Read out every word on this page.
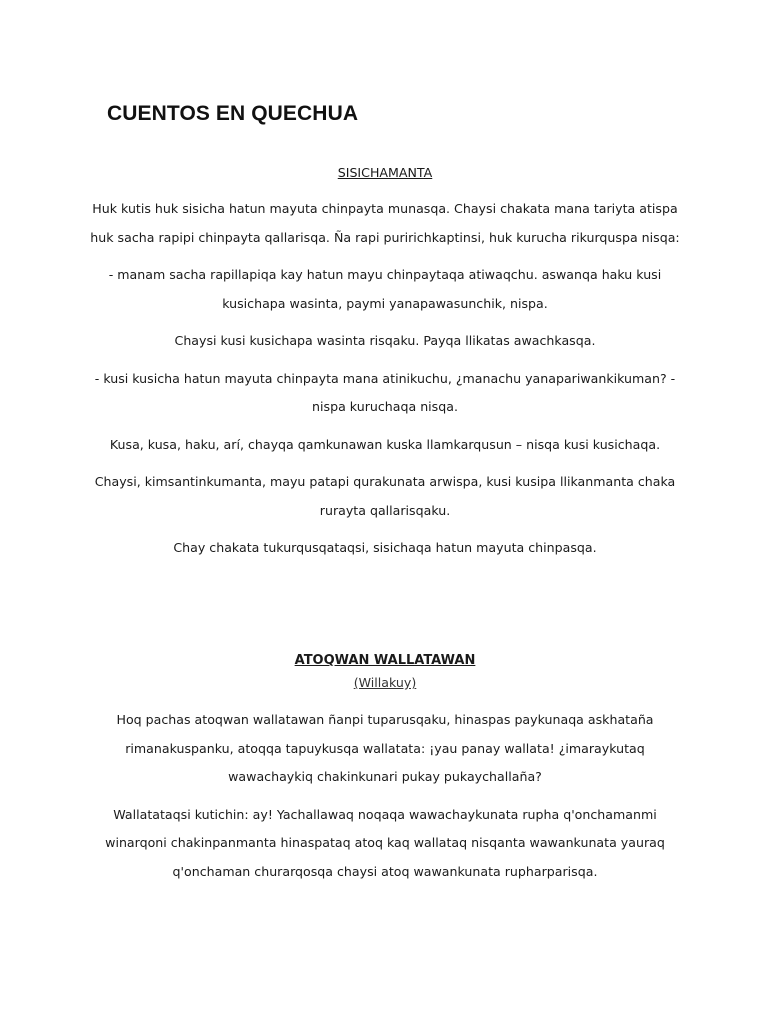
CUENTOS EN QUECHUA
SISICHAMANTA

Huk kutis huk sisicha hatun mayuta chinpayta munasqa. Chaysi chakata mana tariyta atispa huk sacha rapipi chinpayta qallarisqa. Ña rapi puririchkaptinsi, huk kurucha rikurquspa nisqa:

- manam sacha rapillapiqa kay hatun mayu chinpaytaqa atiwaqchu. aswanqa haku kusi kusichapa wasinta, paymi yanapawasunchik, nispa.

Chaysi kusi kusichapa wasinta risqaku. Payqa llikatas awachkasqa.

- kusi kusicha hatun mayuta chinpayta mana atinikuchu, ¿manachu yanapariwankikuman? -nispa kuruchaqa nisqa.

Kusa, kusa, haku, arí, chayqa qamkunawan kuska llamkarqusun – nisqa kusi kusichaqa.

Chaysi, kimsantinkumanta, mayu patapi qurakunata arwispa, kusi kusipa llikanmanta chaka rurayta qallarisqaku.

Chay chakata tukurqusqataqsi, sisichaqa hatun mayuta chinpasqa.

ATOQWAN WALLATAWAN

(Willakuy)

Hoq pachas atoqwan wallatawan ñanpi tuparusqaku, hinaspas paykunaqa askhatаña rimanakuspanku, atoqqa tapuykusqa wallatata: ¡yau panay wallata! ¿imaraykutaq wawachaykiq chakinkunari pukay pukaychallaña?

Wallatataqsi kutichin: ay! Yachallawaq noqaqa wawachaykunata rupha q'onchamanmi winarqoni chakinpanmanta hinaspataq atoq kaq wallataq nisqanta wawankunata yauraq q'onchaman churarqosqa chaysi atoq wawankunata rupharparisqa.
